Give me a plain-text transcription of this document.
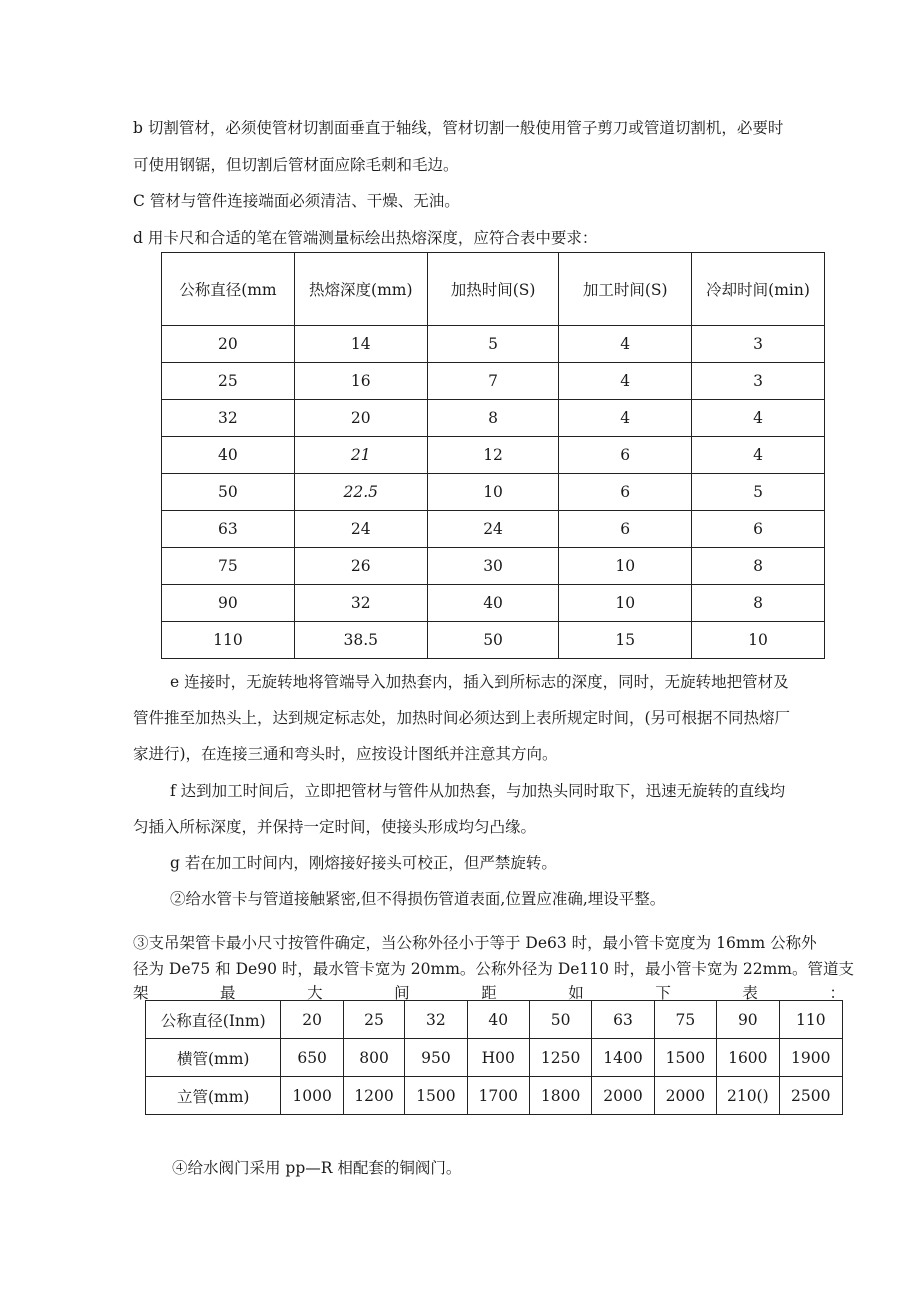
b 切割管材，必须使管材切割面垂直于轴线，管材切割一般使用管子剪刀或管道切割机，必要时
可使用钢锯，但切割后管材面应除毛刺和毛边。
C 管材与管件连接端面必须清洁、干燥、无油。
d 用卡尺和合适的笔在管端测量标绘出热熔深度，应符合表中要求：
公称直径(mm	热熔深度(mm)	加热时间(S)	加工时间(S)	冷却时间(min)
20	14	5	4	3
25	16	7	4	3
32	20	8	4	4
40	21	12	6	4
50	22.5	10	6	5
63	24	24	6	6
75	26	30	10	8
90	32	40	10	8
110	38.5	50	15	10
e 连接时，无旋转地将管端导入加热套内，插入到所标志的深度，同时，无旋转地把管材及
管件推至加热头上，达到规定标志处，加热时间必须达到上表所规定时间，(另可根据不同热熔厂
家进行)，在连接三通和弯头时，应按设计图纸并注意其方向。
f 达到加工时间后，立即把管材与管件从加热套，与加热头同时取下，迅速无旋转的直线均
匀插入所标深度，并保持一定时间，使接头形成均匀凸缘。
g 若在加工时间内，刚熔接好接头可校正，但严禁旋转。
②给水管卡与管道接触紧密,但不得损伤管道表面,位置应准确,埋设平整。
③支吊架管卡最小尺寸按管件确定，当公称外径小于等于 De63 时，最小管卡宽度为 16mm 公称外
径为 De75 和 De90 时，最水管卡宽为 20mm。公称外径为 De110 时，最小管卡宽为 22mm。管道支
架 最 大 间 距 如 下 表 ：
公称直径(Inm)	20	25	32	40	50	63	75	90	110
横管(mm)	650	800	950	H00	1250	1400	1500	1600	1900
立管(mm)	1000	1200	1500	1700	1800	2000	2000	210()	2500
④给水阀门采用 pp—R 相配套的铜阀门。
